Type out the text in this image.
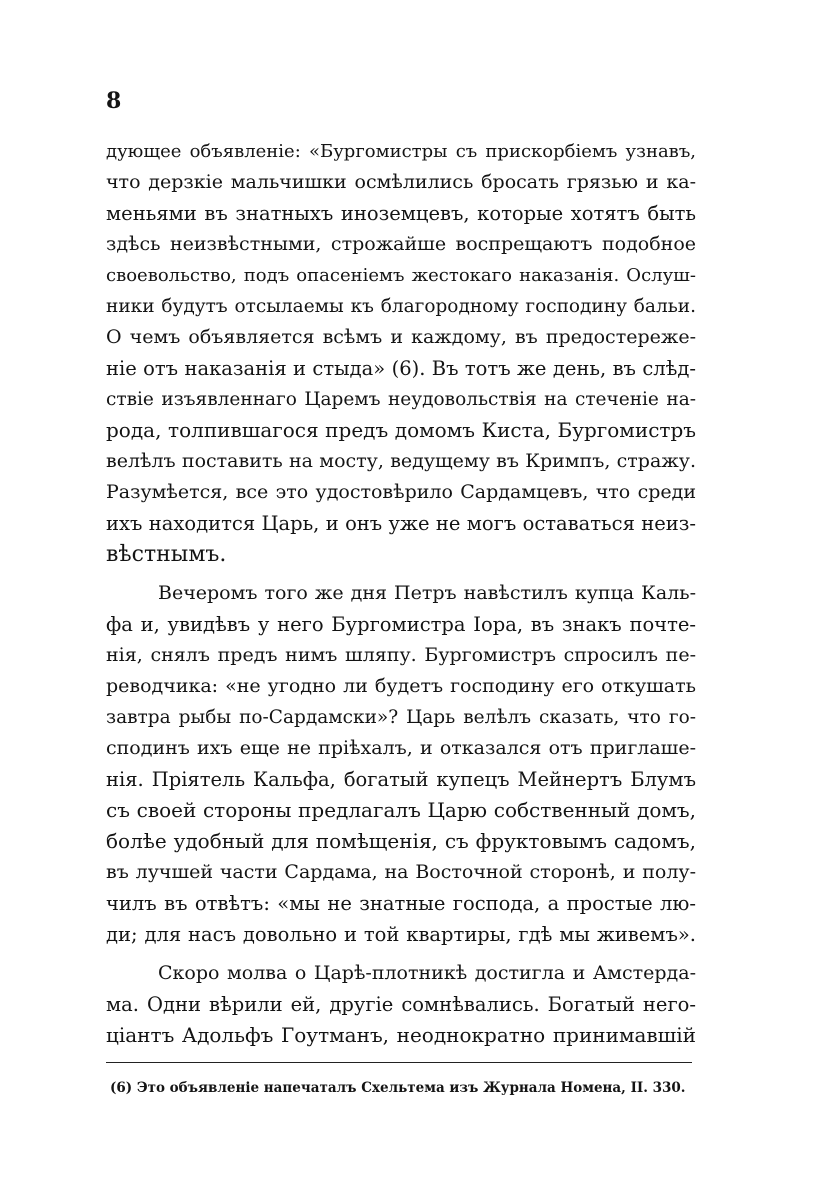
8
дующее объявленіе: «Бургомистры съ прискорбіемъ узнавъ,
что дерзкіе мальчишки осмѣлились бросать грязью и ка-
меньями въ знатныхъ иноземцевъ, которые хотятъ быть
здѣсь неизвѣстными, строжайше воспрещаютъ подобное
своевольство, подъ опасеніемъ жестокаго наказанія. Ослуш-
ники будутъ отсылаемы къ благородному господину бальи.
О чемъ объявляется всѣмъ и каждому, въ предостереже-
ніе отъ наказанія и стыда» (6). Въ тотъ же день, въ слѣд-
ствіе изъявленнаго Царемъ неудовольствія на стеченіе на-
рода, толпившагося предъ домомъ Киста, Бургомистръ
велѣлъ поставить на мосту, ведущему въ Кримпъ, стражу.
Разумѣется, все это удостовѣрило Сардамцевъ, что среди
ихъ находится Царь, и онъ уже не могъ оставаться неиз-
вѣстнымъ.
Вечеромъ того же дня Петръ навѣстилъ купца Каль-
фа и, увидѣвъ у него Бургомистра Іора, въ знакъ почте-
нія, снялъ предъ нимъ шляпу. Бургомистръ спросилъ пе-
реводчика: «не угодно ли будетъ господину его откушать
завтра рыбы по-Сардамски»? Царь велѣлъ сказать, что го-
сподинъ ихъ еще не пріѣхалъ, и отказался отъ приглаше-
нія. Пріятель Кальфа, богатый купецъ Мейнертъ Блумъ
съ своей стороны предлагалъ Царю собственный домъ,
болѣе удобный для помѣщенія, съ фруктовымъ садомъ,
въ лучшей части Сардама, на Восточной сторонѣ, и полу-
чилъ въ отвѣтъ: «мы не знатные господа, а простые лю-
ди; для насъ довольно и той квартиры, гдѣ мы живемъ».
Скоро молва о Царѣ-плотникѣ достигла и Амстерда-
ма. Одни вѣрили ей, другіе сомнѣвались. Богатый него-
ціантъ Адольфъ Гоутманъ, неоднократно принимавшій
(6) Это объявленіе напечаталъ Схельтема изъ Журнала Номена, II. 330.
